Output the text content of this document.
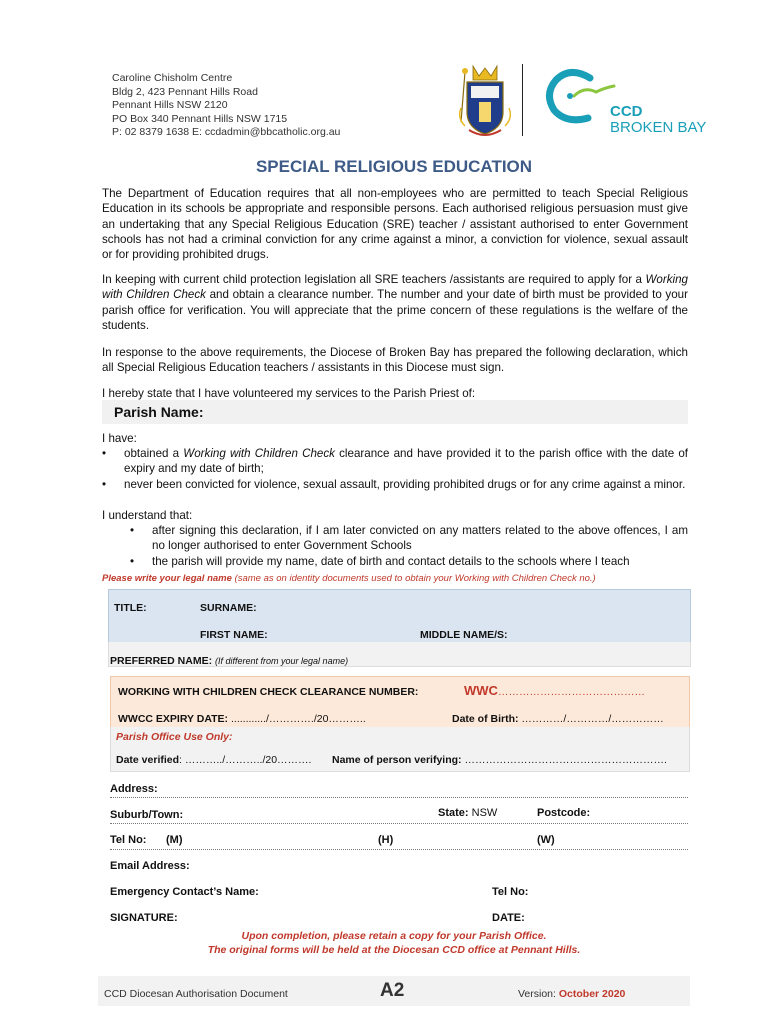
Caroline Chisholm Centre
Bldg 2, 423 Pennant Hills Road
Pennant Hills NSW 2120
PO Box 340 Pennant Hills NSW 1715
P: 02 8379 1638 E: ccdadmin@bbcatholic.org.au
CCD
BROKEN BAY
SPECIAL RELIGIOUS EDUCATION
The Department of Education requires that all non-employees who are permitted to teach Special Religious Education in its schools be appropriate and responsible persons. Each authorised religious persuasion must give an undertaking that any Special Religious Education (SRE) teacher / assistant authorised to enter Government schools has not had a criminal conviction for any crime against a minor, a conviction for violence, sexual assault or for providing prohibited drugs.
In keeping with current child protection legislation all SRE teachers /assistants are required to apply for a Working with Children Check and obtain a clearance number. The number and your date of birth must be provided to your parish office for verification. You will appreciate that the prime concern of these regulations is the welfare of the students.
In response to the above requirements, the Diocese of Broken Bay has prepared the following declaration, which all Special Religious Education teachers / assistants in this Diocese must sign.
I hereby state that I have volunteered my services to the Parish Priest of:
Parish Name:
I have:
• obtained a Working with Children Check clearance and have provided it to the parish office with the date of expiry and my date of birth;
• never been convicted for violence, sexual assault, providing prohibited drugs or for any crime against a minor.
I understand that:
• after signing this declaration, if I am later convicted on any matters related to the above offences, I am no longer authorised to enter Government Schools
• the parish will provide my name, date of birth and contact details to the schools where I teach
Please write your legal name (same as on identity documents used to obtain your Working with Children Check no.)
TITLE:	SURNAME:
FIRST NAME:	MIDDLE NAME/S:
PREFERRED NAME: (If different from your legal name)
WORKING WITH CHILDREN CHECK CLEARANCE NUMBER:	WWC……………………………………
WWCC EXPIRY DATE: ............/…………./20………..	Date of Birth: …………/…………/……………
Parish Office Use Only:
Date verified: ………../………../20………. Name of person verifying: ………………………………………………….
Address:
Suburb/Town:	State: NSW	Postcode:
Tel No: (M)	(H)	(W)
Email Address:
Emergency Contact’s Name:	Tel No:
SIGNATURE:	DATE:
Upon completion, please retain a copy for your Parish Office.
The original forms will be held at the Diocesan CCD office at Pennant Hills.
CCD Diocesan Authorisation Document	A2	Version: October 2020
